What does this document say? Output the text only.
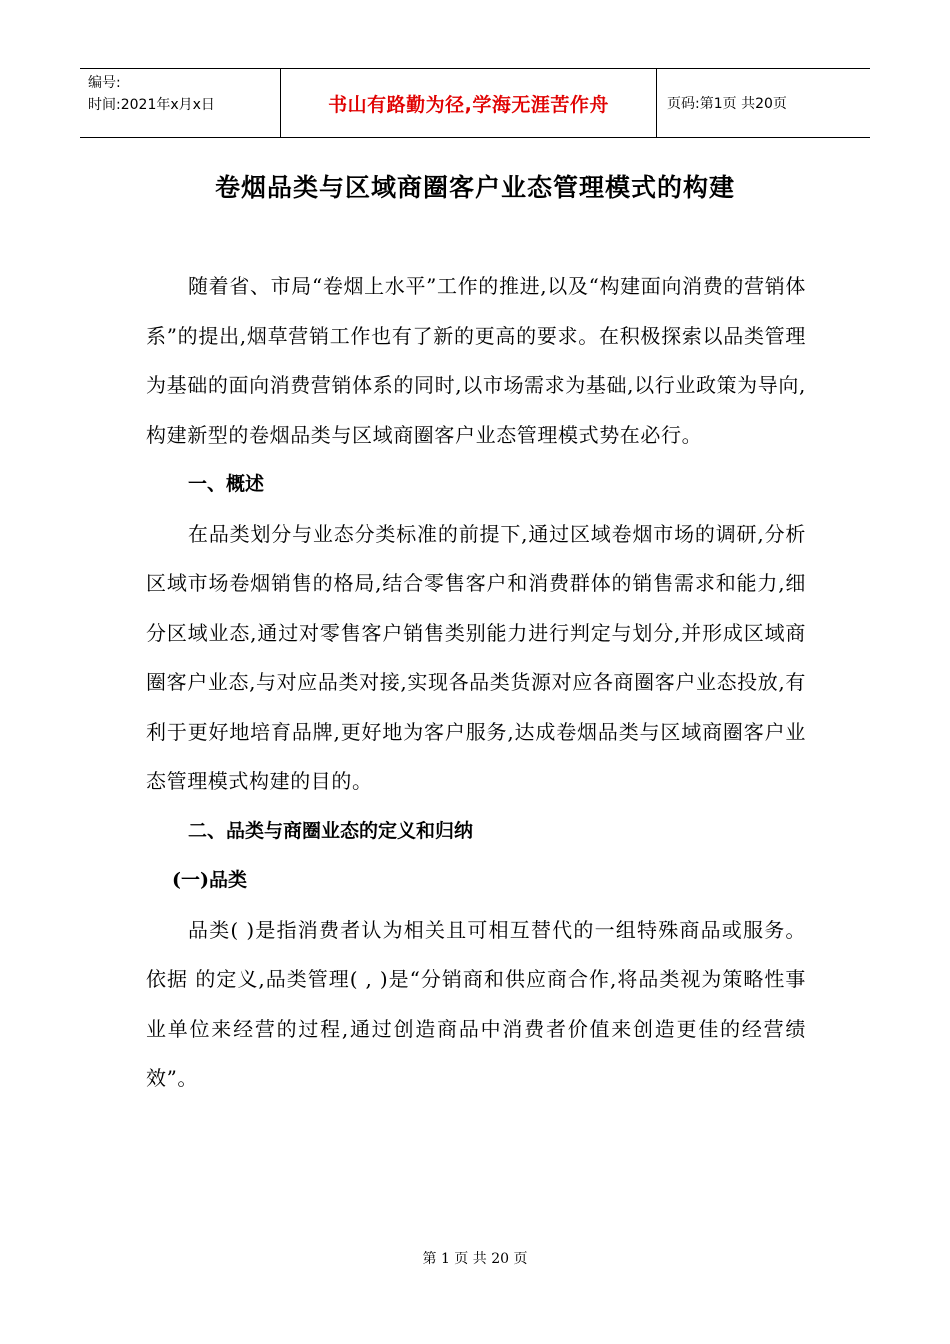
编号:
时间:2021年x月x日	书山有路勤为径,学海无涯苦作舟	页码:第1页 共20页
卷烟品类与区域商圈客户业态管理模式的构建

随着省、市局“卷烟上水平”工作的推进,以及“构建面向消费的营销体系”的提出,烟草营销工作也有了新的更高的要求。在积极探索以品类管理为基础的面向消费营销体系的同时,以市场需求为基础,以行业政策为导向,构建新型的卷烟品类与区域商圈客户业态管理模式势在必行。

一、概述

在品类划分与业态分类标准的前提下,通过区域卷烟市场的调研,分析区域市场卷烟销售的格局,结合零售客户和消费群体的销售需求和能力,细分区域业态,通过对零售客户销售类别能力进行判定与划分,并形成区域商圈客户业态,与对应品类对接,实现各品类货源对应各商圈客户业态投放,有利于更好地培育品牌,更好地为客户服务,达成卷烟品类与区域商圈客户业态管理模式构建的目的。

二、品类与商圈业态的定义和归纳

(一)品类

品类( )是指消费者认为相关且可相互替代的一组特殊商品或服务。依据 的定义,品类管理( , )是“分销商和供应商合作,将品类视为策略性事业单位来经营的过程,通过创造商品中消费者价值来创造更佳的经营绩效”。

第 1 页 共 20 页
